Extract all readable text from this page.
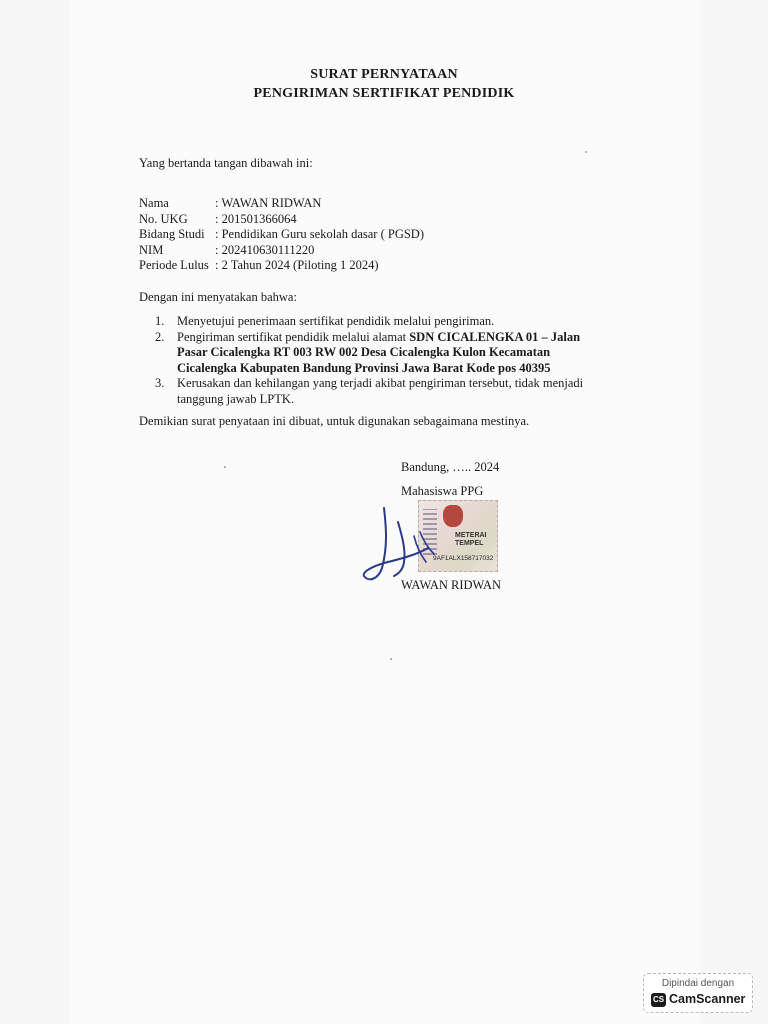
SURAT PERNYATAAN
PENGIRIMAN SERTIFIKAT PENDIDIK
Yang bertanda tangan dibawah ini:
Nama	: WAWAN RIDWAN
No. UKG	: 201501366064
Bidang Studi : Pendidikan Guru sekolah dasar ( PGSD)
NIM	: 202410630111220
Periode Lulus : 2 Tahun 2024 (Piloting 1 2024)
Dengan ini menyatakan bahwa:
1.	Menyetujui penerimaan sertifikat pendidik melalui pengiriman.
2.	Pengiriman sertifikat pendidik melalui alamat SDN CICALENGKA 01 – Jalan Pasar Cicalengka RT 003 RW 002 Desa Cicalengka Kulon Kecamatan Cicalengka Kabupaten Bandung Provinsi Jawa Barat Kode pos 40395
3.	Kerusakan dan kehilangan yang terjadi akibat pengiriman tersebut, tidak menjadi tanggung jawab LPTK.
Demikian surat penyataan ini dibuat, untuk digunakan sebagaimana mestinya.
Bandung, ….. 2024
Mahasiswa PPG
METERAI
TEMPEL
9AF1ALX158717032
WAWAN RIDWAN
Dipindai dengan
CS CamScanner
